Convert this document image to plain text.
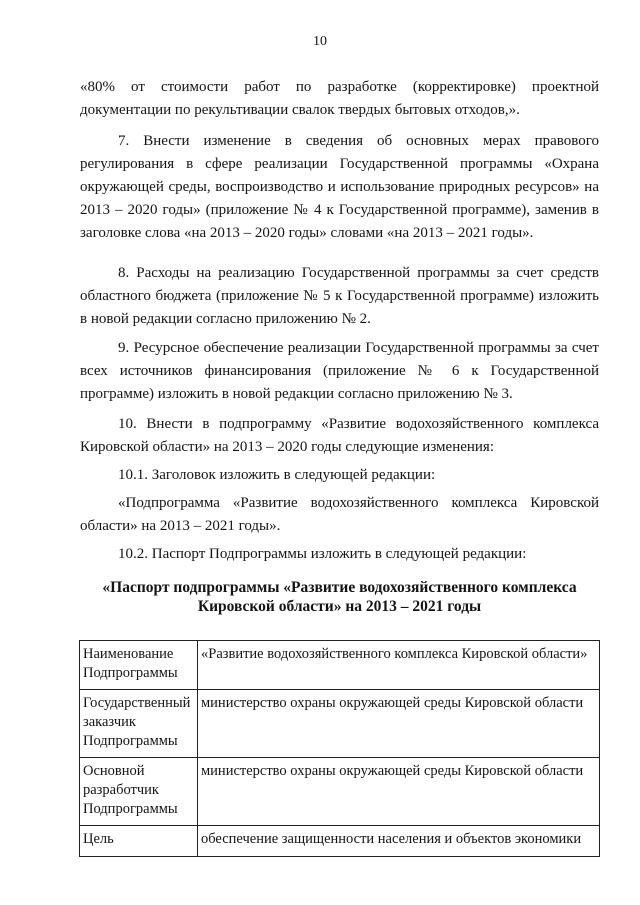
10

«80% от стоимости работ по разработке (корректировке) проектной документации по рекультивации свалок твердых бытовых отходов,».

7. Внести изменение в сведения об основных мерах правового регулирования в сфере реализации Государственной программы «Охрана окружающей среды, воспроизводство и использование природных ресурсов» на 2013 – 2020 годы» (приложение № 4 к Государственной программе), заменив в заголовке слова «на 2013 – 2020 годы» словами «на 2013 – 2021 годы».

8. Расходы на реализацию Государственной программы за счет средств областного бюджета (приложение № 5 к Государственной программе) изложить в новой редакции согласно приложению № 2.

9. Ресурсное обеспечение реализации Государственной программы за счет всех источников финансирования (приложение № 6 к Государственной программе) изложить в новой редакции согласно приложению № 3.

10. Внести в подпрограмму «Развитие водохозяйственного комплекса Кировской области» на 2013 – 2020 годы следующие изменения:

10.1. Заголовок изложить в следующей редакции:

«Подпрограмма «Развитие водохозяйственного комплекса Кировской области» на 2013 – 2021 годы».

10.2. Паспорт Подпрограммы изложить в следующей редакции:

«Паспорт подпрограммы «Развитие водохозяйственного комплекса
Кировской области» на 2013 – 2021 годы
Наименование Подпрограммы	«Развитие водохозяйственного комплекса Кировской области»
Государственный заказчик Подпрограммы	министерство охраны окружающей среды Кировской области
Основной разработчик Подпрограммы	министерство охраны окружающей среды Кировской области
Цель	обеспечение защищенности населения и объектов экономики
